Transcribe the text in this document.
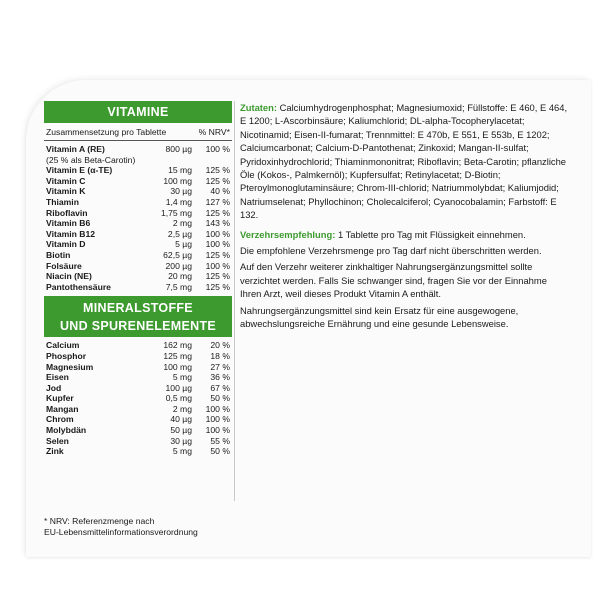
VITAMINE
Zusammensetzung pro Tablette	% NRV*
Vitamin A (RE)	800 µg	100 %
(25 % als Beta-Carotin)		
Vitamin E (α-TE)	15 mg	125 %
Vitamin C	100 mg	125 %
Vitamin K	30 µg	40 %
Thiamin	1,4 mg	127 %
Riboflavin	1,75 mg	125 %
Vitamin B6	2 mg	143 %
Vitamin B12	2,5 µg	100 %
Vitamin D	5 µg	100 %
Biotin	62,5 µg	125 %
Folsäure	200 µg	100 %
Niacin (NE)	20 mg	125 %
Pantothensäure	7,5 mg	125 %
MINERALSTOFFE
UND SPURENELEMENTE
Calcium	162 mg	20 %
Phosphor	125 mg	18 %
Magnesium	100 mg	27 %
Eisen	5 mg	36 %
Jod	100 µg	67 %
Kupfer	0,5 mg	50 %
Mangan	2 mg	100 %
Chrom	40 µg	100 %
Molybdän	50 µg	100 %
Selen	30 µg	55 %
Zink	5 mg	50 %
* NRV: Referenzmenge nach
EU-Lebensmittelinformationsverordnung

Zutaten: Calciumhydrogenphosphat; Magnesiumoxid; Füllstoffe: E 460, E 464, E 1200; L-Ascorbinsäure; Kaliumchlorid; DL-alpha-Tocopherylacetat; Nicotinamid; Eisen-II-fumarat; Trennmittel: E 470b, E 551, E 553b, E 1202; Calciumcarbonat; Calcium-D-Pantothenat; Zinkoxid; Mangan-II-sulfat; Pyridoxinhydrochlorid; Thiaminmononitrat; Riboflavin; Beta-Carotin; pflanzliche Öle (Kokos-, Palmkernöl); Kupfersulfat; Retinylacetat; D-Biotin; Pteroylmonoglutaminsäure; Chrom-III-chlorid; Natriummolybdat; Kaliumjodid; Natriumselenat; Phyllochinon; Cholecalciferol; Cyanocobalamin; Farbstoff: E 132.

Verzehrsempfehlung: 1 Tablette pro Tag mit Flüssigkeit einnehmen.

Die empfohlene Verzehrsmenge pro Tag darf nicht überschritten werden.

Auf den Verzehr weiterer zinkhaltiger Nahrungsergänzungsmittel sollte verzichtet werden. Falls Sie schwanger sind, fragen Sie vor der Einnahme Ihren Arzt, weil dieses Produkt Vitamin A enthält.

Nahrungsergänzungsmittel sind kein Ersatz für eine ausgewogene, abwechslungsreiche Ernährung und eine gesunde Lebensweise.
